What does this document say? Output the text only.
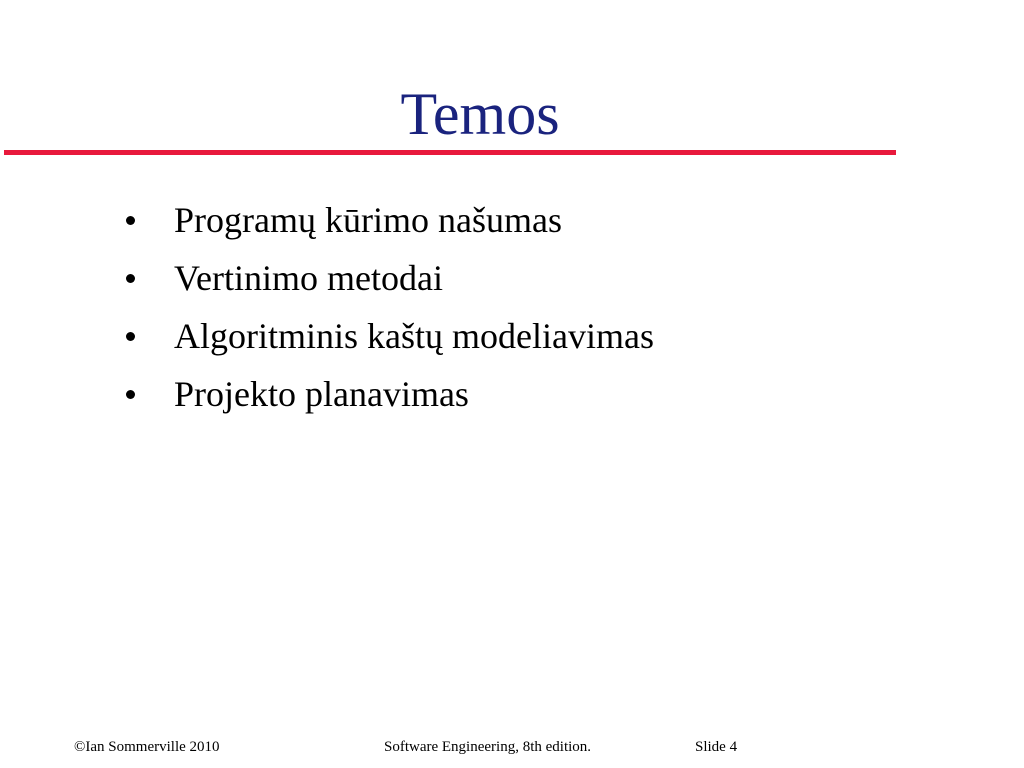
Temos
Programų kūrimo našumas
Vertinimo metodai
Algoritminis kaštų modeliavimas
Projekto planavimas
©Ian Sommerville 2010	Software Engineering, 8th edition.	Slide 4
